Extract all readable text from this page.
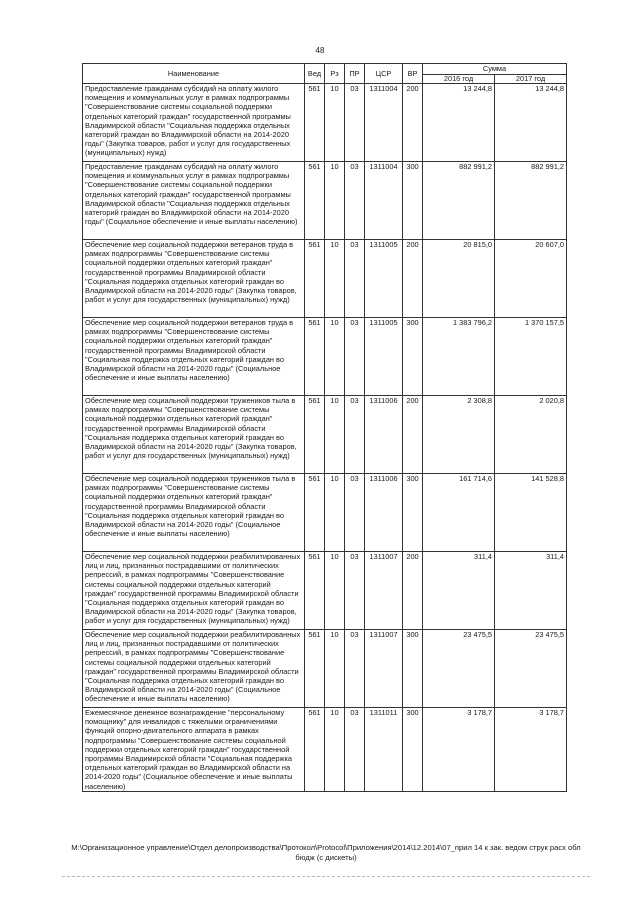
48
Наименование	Вед	Рз	ПР	ЦСР	ВР	Сумма	
						2016 год	2017 год
Предоставление гражданам субсидий на оплату жилого помещения и коммунальных услуг в рамках подпрограммы "Совершенствование системы социальной поддержки отдельных категорий граждан" государственной программы Владимирской области "Социальная поддержка отдельных категорий граждан во Владимирской области на 2014-2020 годы" (Закупка товаров, работ и услуг для государственных (муниципальных) нужд)	561	10	03	1311004	200	13 244,8	13 244,8
Предоставление гражданам субсидий на оплату жилого помещения и коммунальных услуг в рамках подпрограммы "Совершенствование системы социальной поддержки отдельных категорий граждан" государственной программы Владимирской области "Социальная поддержка отдельных категорий граждан во Владимирской области на 2014-2020 годы" (Социальное обеспечение и иные выплаты населению)	561	10	03	1311004	300	882 991,2	882 991,2
Обеспечение мер социальной поддержки ветеранов труда в рамках подпрограммы "Совершенствование системы социальной поддержки отдельных категорий граждан" государственной программы Владимирской области "Социальная поддержка отдельных категорий граждан во Владимирской области на 2014-2020 годы" (Закупка товаров, работ и услуг для государственных (муниципальных) нужд)	561	10	03	1311005	200	20 815,0	20 607,0
Обеспечение мер социальной поддержки ветеранов труда в рамках подпрограммы "Совершенствование системы социальной поддержки отдельных категорий граждан" государственной программы Владимирской области "Социальная поддержка отдельных категорий граждан во Владимирской области на 2014-2020 годы" (Социальное обеспечение и иные выплаты населению)	561	10	03	1311005	300	1 383 796,2	1 370 157,5
Обеспечение мер социальной поддержки тружеников тыла в рамках подпрограммы "Совершенствование системы социальной поддержки отдельных категорий граждан" государственной программы Владимирской области "Социальная поддержка отдельных категорий граждан во Владимирской области на 2014-2020 годы" (Закупка товаров, работ и услуг для государственных (муниципальных) нужд)	561	10	03	1311006	200	2 308,8	2 020,8
Обеспечение мер социальной поддержки тружеников тыла в рамках подпрограммы "Совершенствование системы социальной поддержки отдельных категорий граждан" государственной программы Владимирской области "Социальная поддержка отдельных категорий граждан во Владимирской области на 2014-2020 годы" (Социальное обеспечение и иные выплаты населению)	561	10	03	1311006	300	161 714,6	141 528,8
Обеспечение мер социальной поддержки реабилитированных лиц и лиц, признанных пострадавшими от политических репрессий, в рамках подпрограммы "Совершенствование системы социальной поддержки отдельных категорий граждан" государственной программы Владимирской области "Социальная поддержка отдельных категорий граждан во Владимирской области на 2014-2020 годы" (Закупка товаров, работ и услуг для государственных (муниципальных) нужд)	561	10	03	1311007	200	311,4	311,4
Обеспечение мер социальной поддержки реабилитированных лиц и лиц, признанных пострадавшими от политических репрессий, в рамках подпрограммы "Совершенствование системы социальной поддержки отдельных категорий граждан" государственной программы Владимирской области "Социальная поддержка отдельных категорий граждан во Владимирской области на 2014-2020 годы" (Социальное обеспечение и иные выплаты населению)	561	10	03	1311007	300	23 475,5	23 475,5
Ежемесячное денежное вознаграждение "персональному помощнику" для инвалидов с тяжелыми ограничениями функций опорно-двигательного аппарата в рамках подпрограммы "Совершенствование системы социальной поддержки отдельных категорий граждан" государственной программы Владимирской области "Социальная поддержка отдельных категорий граждан во Владимирской области на 2014-2020 годы" (Социальное обеспечение и иные выплаты населению)	561	10	03	1311011	300	3 178,7	3 178,7
M:\Организационное управление\Отдел делопроизводства\Протокол\Protocol\Приложения\2014\12.2014\07_прил 14 к зак. ведом струк расх обл бюдж (с дискеты)
